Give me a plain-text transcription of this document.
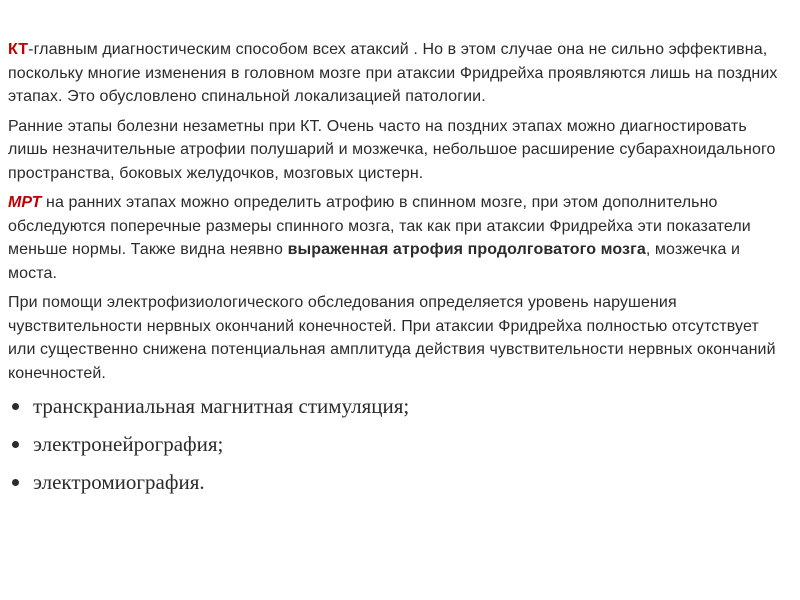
КТ-главным диагностическим способом всех атаксий . Но в этом случае она не сильно эффективна, поскольку многие изменения в головном мозге при атаксии Фридрейха проявляются лишь на поздних этапах. Это обусловлено спинальной локализацией патологии.

Ранние этапы болезни незаметны при КТ. Очень часто на поздних этапах можно диагностировать лишь незначительные атрофии полушарий и мозжечка, небольшое расширение субарахноидального пространства, боковых желудочков, мозговых цистерн.

МРТ на ранних этапах можно определить атрофию в спинном мозге, при этом дополнительно обследуются поперечные размеры спинного мозга, так как при атаксии Фридрейха эти показатели меньше нормы. Также видна неявно выраженная атрофия продолговатого мозга, мозжечка и моста.

При помощи электрофизиологического обследования определяется уровень нарушения чувствительности нервных окончаний конечностей. При атаксии Фридрейха полностью отсутствует или существенно снижена потенциальная амплитуда действия чувствительности нервных окончаний конечностей.

транскраниальная магнитная стимуляция;
электронейрография;
электромиография.
